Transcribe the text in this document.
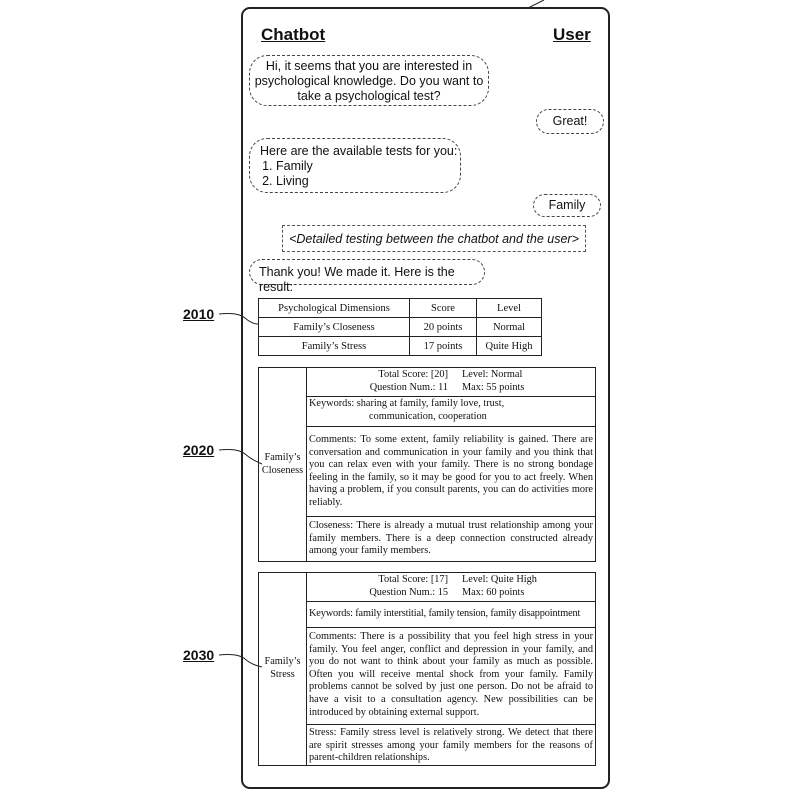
Chatbot	User
Hi, it seems that you are interested in
psychological knowledge. Do you want to
take a psychological test?
Great!
Here are the available tests for you:
1. Family
2. Living
Family
<Detailed testing between the chatbot and the user>
Thank you! We made it. Here is the result:
2010
2020
2030
Psychological Dimensions	Score	Level
Family’s Closeness	20 points	Normal
Family’s Stress	17 points	Quite High
Family’s
Closeness
Total Score: [20]	Level: Normal
Question Num.: 11	Max: 55 points
Keywords: sharing at family, family love, trust,
communication, cooperation
Comments: To some extent, family reliability is gained. There are conversation and communication in your family and you think that you can relax even with your family. There is no strong bondage feeling in the family, so it may be good for you to act freely. When having a problem, if you consult parents, you can do activities more reliably.
Closeness: There is already a mutual trust relationship among your family members. There is a deep connection constructed already among your family members.
Family’s
Stress
Total Score: [17]	Level: Quite High
Question Num.: 15	Max: 60 points
Keywords: family interstitial, family tension, family disappointment
Comments: There is a possibility that you feel high stress in your family. You feel anger, conflict and depression in your family, and you do not want to think about your family as much as possible. Often you will receive mental shock from your family. Family problems cannot be solved by just one person. Do not be afraid to have a visit to a consultation agency. New possibilities can be introduced by obtaining external support.
Stress: Family stress level is relatively strong. We detect that there are spirit stresses among your family members for the reasons of parent-children relationships.
